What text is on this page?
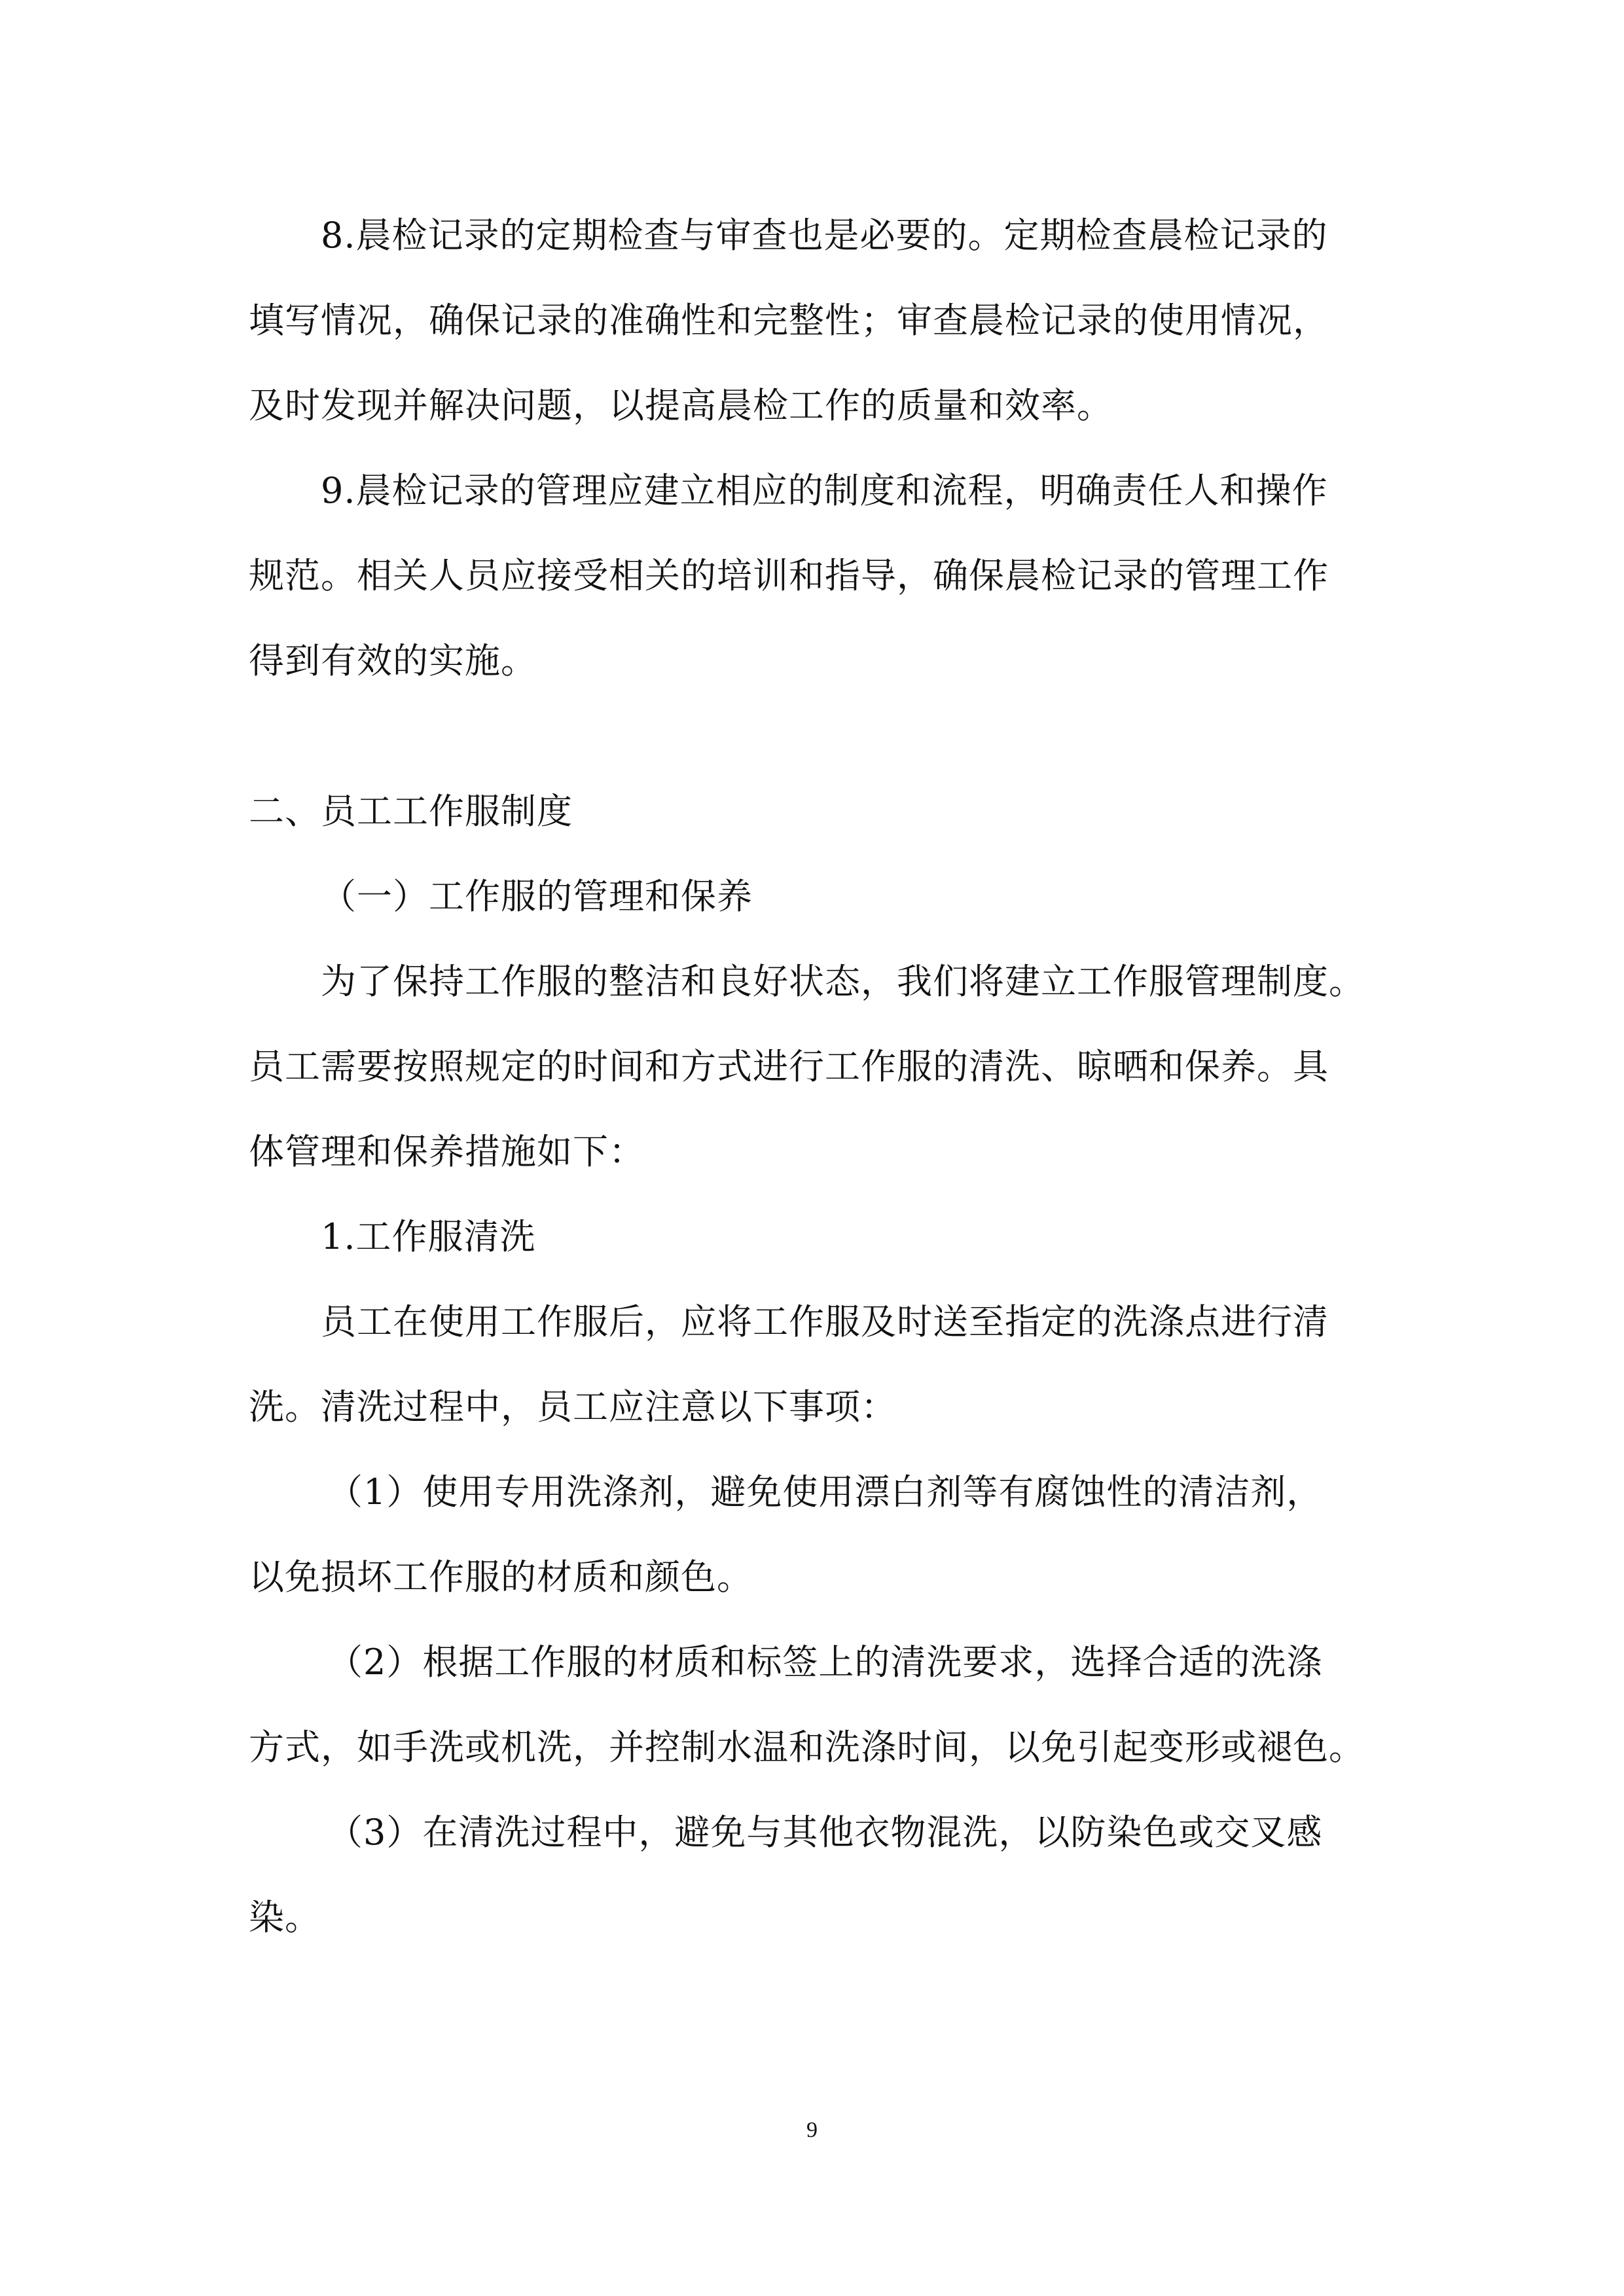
8.晨检记录的定期检查与审查也是必要的。定期检查晨检记录的
填写情况，确保记录的准确性和完整性；审查晨检记录的使用情况，
及时发现并解决问题，以提高晨检工作的质量和效率。
9.晨检记录的管理应建立相应的制度和流程，明确责任人和操作
规范。相关人员应接受相关的培训和指导，确保晨检记录的管理工作
得到有效的实施。
二、员工工作服制度
（一）工作服的管理和保养
为了保持工作服的整洁和良好状态，我们将建立工作服管理制度。
员工需要按照规定的时间和方式进行工作服的清洗、晾晒和保养。具
体管理和保养措施如下：
1.工作服清洗
员工在使用工作服后，应将工作服及时送至指定的洗涤点进行清
洗。清洗过程中，员工应注意以下事项：
（1）使用专用洗涤剂，避免使用漂白剂等有腐蚀性的清洁剂，
以免损坏工作服的材质和颜色。
（2）根据工作服的材质和标签上的清洗要求，选择合适的洗涤
方式，如手洗或机洗，并控制水温和洗涤时间，以免引起变形或褪色。
（3）在清洗过程中，避免与其他衣物混洗，以防染色或交叉感
染。
9
